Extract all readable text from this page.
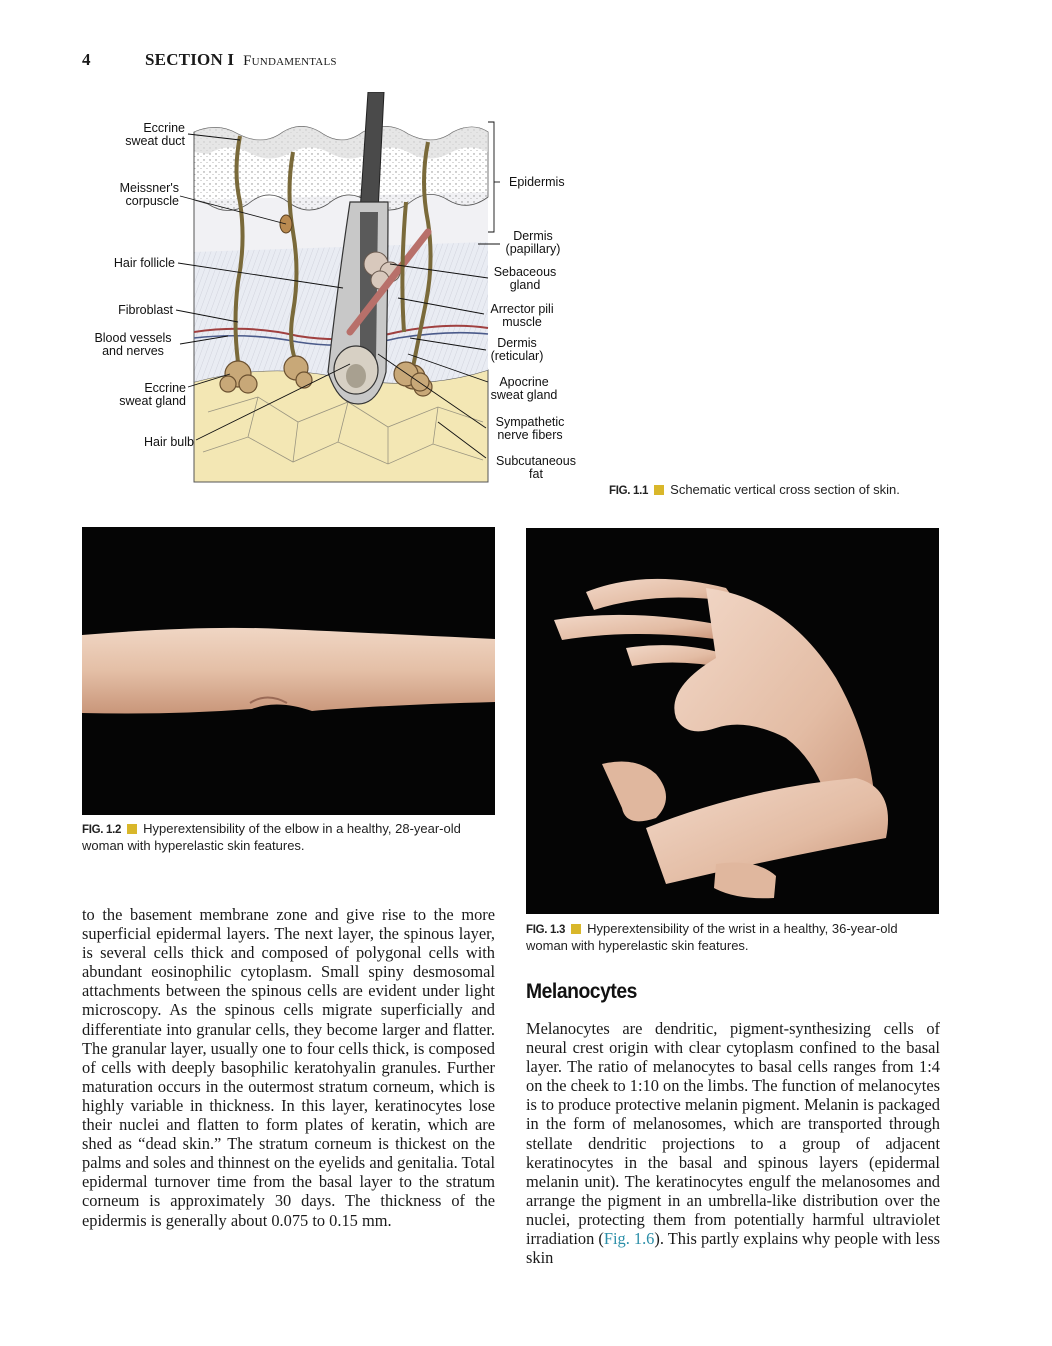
4	SECTION I Fundamentals
Eccrine
sweat duct
Meissner's
corpuscle
Hair follicle
Fibroblast
Blood vessels
and nerves
Eccrine
sweat gland
Hair bulb
Epidermis
Dermis
(papillary)
Sebaceous
gland
Arrector pili
muscle
Dermis
(reticular)
Apocrine
sweat gland
Sympathetic
nerve fibers
Subcutaneous
fat
FIG. 1.1 Schematic vertical cross section of skin.
FIG. 1.2 Hyperextensibility of the elbow in a healthy, 28-year-old woman with hyperelastic skin features.
FIG. 1.3 Hyperextensibility of the wrist in a healthy, 36-year-old woman with hyperelastic skin features.

to the basement membrane zone and give rise to the more superficial epidermal layers. The next layer, the spinous layer, is several cells thick and composed of polygonal cells with abundant eosinophilic cytoplasm. Small spiny desmosomal attachments between the spinous cells are evident under light microscopy. As the spinous cells migrate superficially and differentiate into granular cells, they become larger and flatter. The granular layer, usually one to four cells thick, is composed of cells with deeply basophilic keratohyalin granules. Further maturation occurs in the outermost stratum corneum, which is highly variable in thickness. In this layer, keratinocytes lose their nuclei and flatten to form plates of keratin, which are shed as “dead skin.” The stratum corneum is thickest on the palms and soles and thinnest on the eyelids and genitalia. Total epidermal turnover time from the basal layer to the stratum corneum is approximately 30 days. The thickness of the epidermis is generally about 0.075 to 0.15 mm.

Melanocytes

Melanocytes are dendritic, pigment-synthesizing cells of neural crest origin with clear cytoplasm confined to the basal layer. The ratio of melanocytes to basal cells ranges from 1:4 on the cheek to 1:10 on the limbs. The function of melanocytes is to produce protective melanin pigment. Melanin is packaged in the form of melanosomes, which are transported through stellate dendritic projections to a group of adjacent keratinocytes in the basal and spinous layers (epidermal melanin unit). The keratinocytes engulf the melanosomes and arrange the pigment in an umbrella-like distribution over the nuclei, protecting them from potentially harmful ultraviolet irradiation (Fig. 1.6). This partly explains why people with less skin
